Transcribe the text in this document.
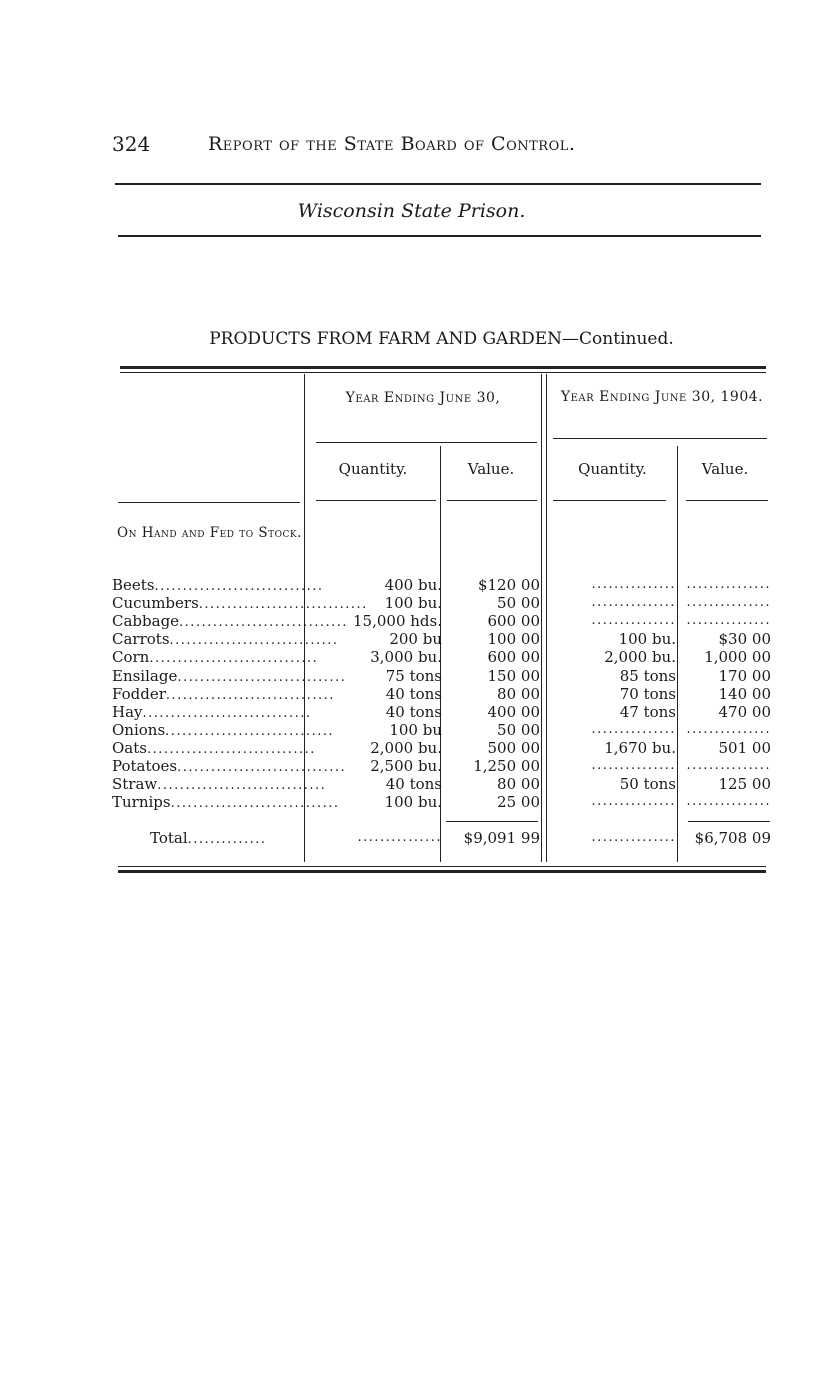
324	Report of the State Board of Control.
Wisconsin State Prison.
PRODUCTS FROM FARM AND GARDEN—Continued.
Year Ending June 30,	Year Ending June 30, 1904.
Quantity.	Value.	Quantity.	Value.
On Hand and Fed to Stock.
Beets..............................	400 bu.	$120 00	............... ...............
Cucumbers..............................	100 bu.	50 00	............... ...............
Cabbage.............................. 15,000 hds.	600 00	............... ...............
Carrots..............................	200 bu	100 00	100 bu.	$30 00
Corn..............................	3,000 bu.	600 00	2,000 bu.	1,000 00
Ensilage..............................	75 tons	150 00	85 tons	170 00
Fodder..............................	40 tons	80 00	70 tons	140 00
Hay..............................	40 tons	400 00	47 tons	470 00
Onions..............................	100 bu	50 00	............... ...............
Oats..............................	2,000 bu.	500 00	1,670 bu.	501 00
Potatoes..............................	2,500 bu.	1,250 00	............... ...............
Straw..............................	40 tons	80 00	50 tons	125 00
Turnips..............................	100 bu.	25 00	............... ...............
Total..............	...............	$9,091 99	...............	$6,708 09
